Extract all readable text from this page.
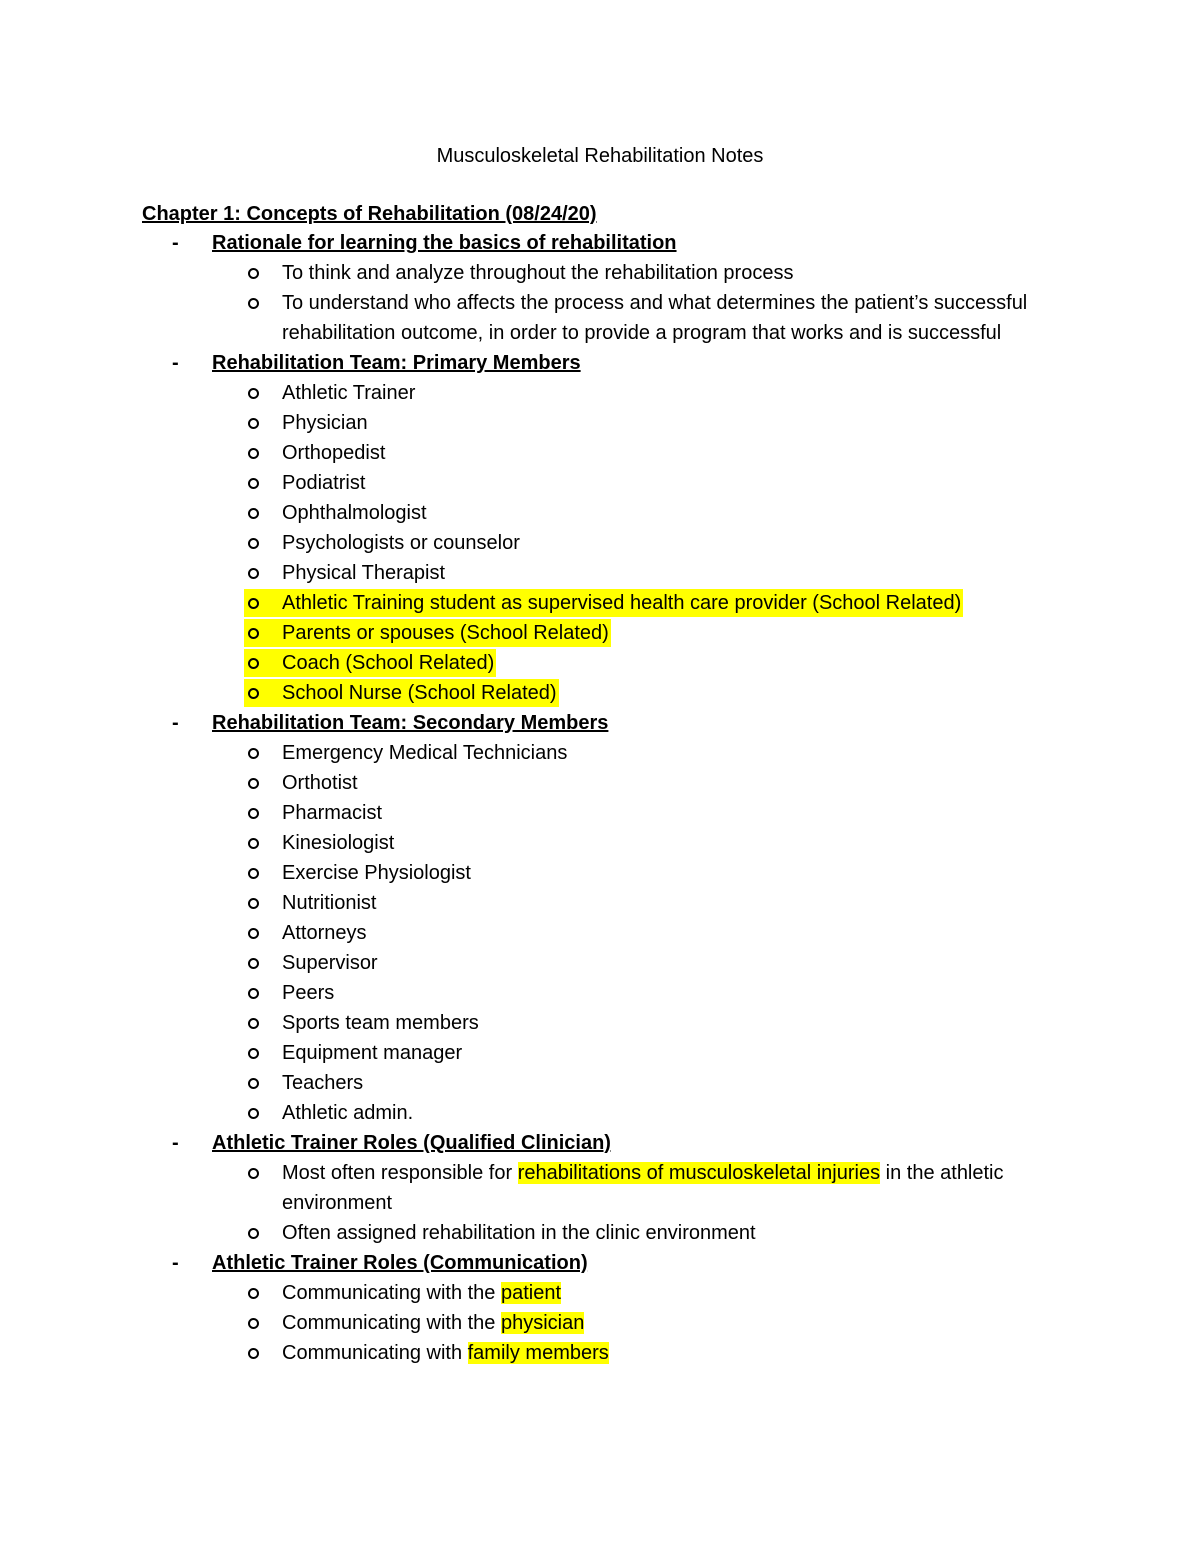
Musculoskeletal Rehabilitation Notes
Chapter 1: Concepts of Rehabilitation (08/24/20)
- Rationale for learning the basics of rehabilitation
To think and analyze throughout the rehabilitation process
To understand who affects the process and what determines the patient’s successful rehabilitation outcome, in order to provide a program that works and is successful
- Rehabilitation Team: Primary Members
Athletic Trainer
Physician
Orthopedist
Podiatrist
Ophthalmologist
Psychologists or counselor
Physical Therapist
Athletic Training student as supervised health care provider (School Related)
Parents or spouses (School Related)
Coach (School Related)
School Nurse (School Related)
- Rehabilitation Team: Secondary Members
Emergency Medical Technicians
Orthotist
Pharmacist
Kinesiologist
Exercise Physiologist
Nutritionist
Attorneys
Supervisor
Peers
Sports team members
Equipment manager
Teachers
Athletic admin.
- Athletic Trainer Roles (Qualified Clinician)
Most often responsible for rehabilitations of musculoskeletal injuries in the athletic environment
Often assigned rehabilitation in the clinic environment
- Athletic Trainer Roles (Communication)
Communicating with the patient
Communicating with the physician
Communicating with family members
